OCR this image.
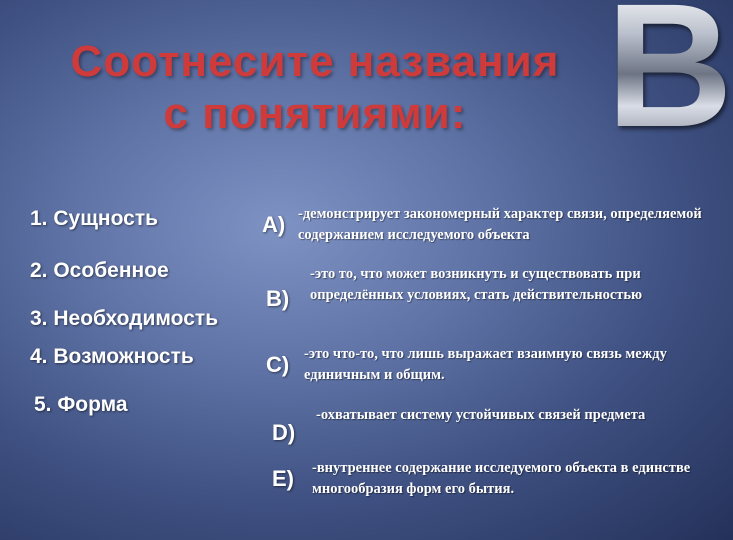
Соотнесите названия
с понятиями: B
1. Сущность
2. Особенное
3. Необходимость
4. Возможность
5. Форма
A) -демонстрирует закономерный характер связи, определяемой содержанием исследуемого объекта
B)
-это то, что может возникнуть и существовать при определённых условиях, стать действительностью
C) -это что-то, что лишь выражает взаимную связь между единичным и общим.
D)
-охватывает систему устойчивых связей предмета
E) -внутреннее содержание исследуемого объекта в единстве многообразия форм его бытия.
